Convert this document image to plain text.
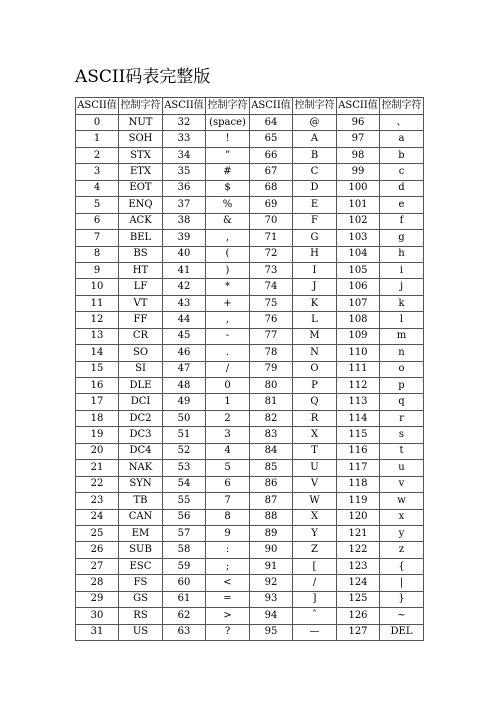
ASCII码表完整版
ASCII值	控制字符	ASCII值	控制字符	ASCII值	控制字符	ASCII值	控制字符
0	NUT	32	(space)	64	@	96	、
1	SOH	33	!	65	A	97	a
2	STX	34	”	66	B	98	b
3	ETX	35	#	67	C	99	c
4	EOT	36	$	68	D	100	d
5	ENQ	37	%	69	E	101	e
6	ACK	38	&	70	F	102	f
7	BEL	39	,	71	G	103	g
8	BS	40	(	72	H	104	h
9	HT	41	)	73	I	105	i
10	LF	42	*	74	J	106	j
11	VT	43	+	75	K	107	k
12	FF	44	,	76	L	108	l
13	CR	45	-	77	M	109	m
14	SO	46	.	78	N	110	n
15	SI	47	/	79	O	111	o
16	DLE	48	0	80	P	112	p
17	DCI	49	1	81	Q	113	q
18	DC2	50	2	82	R	114	r
19	DC3	51	3	83	X	115	s
20	DC4	52	4	84	T	116	t
21	NAK	53	5	85	U	117	u
22	SYN	54	6	86	V	118	v
23	TB	55	7	87	W	119	w
24	CAN	56	8	88	X	120	x
25	EM	57	9	89	Y	121	y
26	SUB	58	:	90	Z	122	z
27	ESC	59	;	91	[	123	{
28	FS	60	<	92	/	124	|
29	GS	61	=	93	]	125	}
30	RS	62	>	94	ˆ	126	~
31	US	63	?	95	—	127	DEL
